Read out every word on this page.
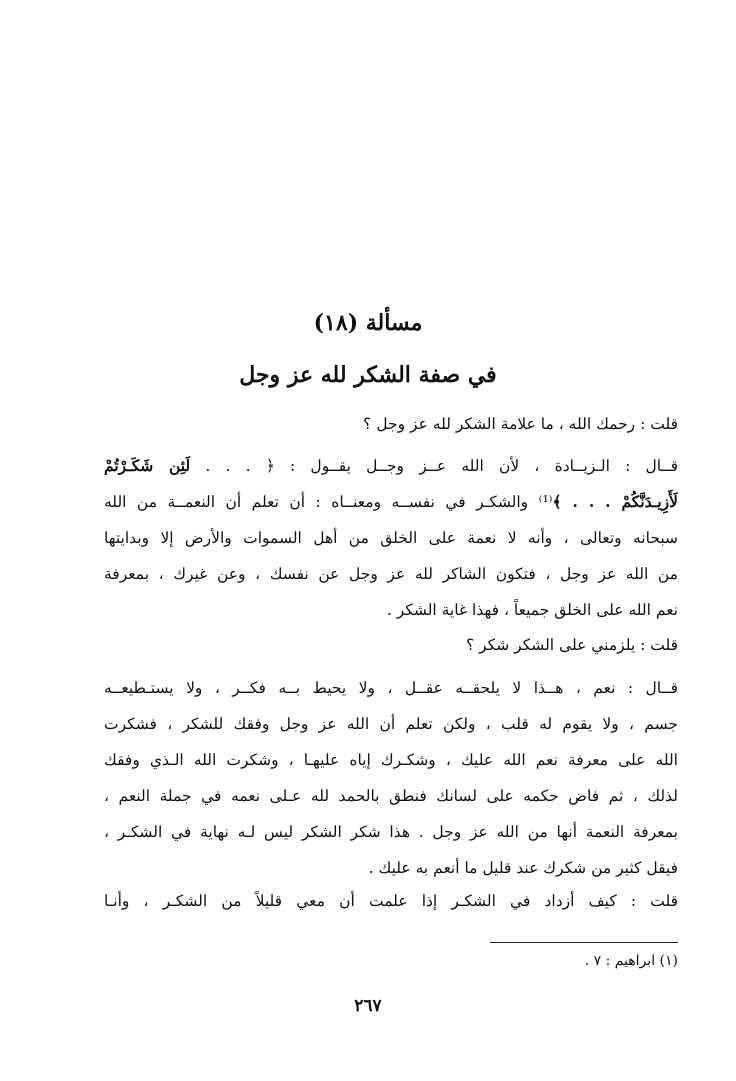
مسألة (١٨)
في صفة الشكر لله عز وجل
قلت : رحمك الله ، ما علامة الشكر لله عز وجل ؟
قــال : الـزيــادة ، لأن الله عــز وجــل يقــول : ﴿ . . . لَئِن شَكَـرْتُمْ
لَأَزِيـدَنَّكُمْ . . . ﴾⁽¹⁾ والشكـر في نفســه ومعنــاه : أن تعلم أن النعمــة من الله
سبحانه وتعالى ، وأنه لا نعمة على الخلق من أهل السموات والأرض إلا وبدايتها
من الله عز وجل ، فتكون الشاكر لله عز وجل عن نفسك ، وعن غيرك ، بمعرفة
نعم الله على الخلق جميعاً ، فهذا غاية الشكر .
قلت : يلزمني على الشكر شكر ؟
قــال : نعم ، هــذا لا يلحقــه عقــل ، ولا يحيط بــه فكــر ، ولا يستـطيعــه
جسم ، ولا يقوم له قلب ، ولكن تعلم أن الله عز وجل وفقك للشكر ، فشكرت
الله على معرفة نعم الله عليك ، وشكـرك إياه عليهـا ، وشكرت الله الـذي وفقك
لذلك ، ثم فاض حكمه على لسانك فنطق بالحمد لله عـلى نعمه في جملة النعم ،
بمعرفة النعمة أنها من الله عز وجل . هذا شكر الشكر ليس لـه نهاية في الشكـر ،
فيقل كثير من شكرك عند قليل ما أنعم به عليك .
قلت : كيف أزداد في الشكـر إذا علمت أن معي قليلاً من الشكـر ، وأنـا
(١) ابراهيم : ٧ .
٢٦٧
